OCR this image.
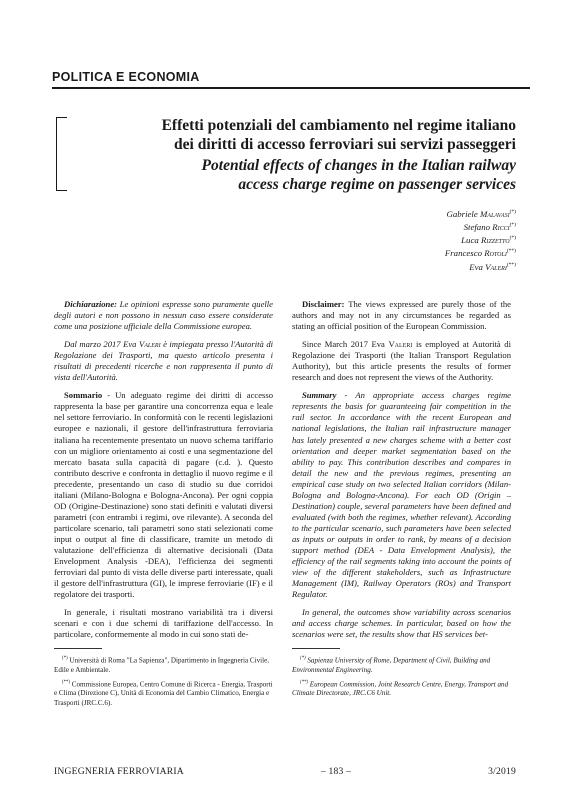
POLITICA E ECONOMIA
Effetti potenziali del cambiamento nel regime italiano
dei diritti di accesso ferroviari sui servizi passeggeri
Potential effects of changes in the Italian railway
access charge regime on passenger services
Gabriele Malavasi(*)
Stefano Ricci(*)
Luca Rizzetto(*)
Francesco Rotoli(**)
Eva Valeri(**)

Dichiarazione: Le opinioni espresse sono puramente quelle degli autori e non possono in nessun caso essere considerate come una posizione ufficiale della Commissione europea.

Dal marzo 2017 Eva Valeri è impiegata presso l'Autorità di Regolazione dei Trasporti, ma questo articolo presenta i risultati di precedenti ricerche e non rappresenta il punto di vista dell'Autorità.

Sommario - Un adeguato regime dei diritti di accesso rappresenta la base per garantire una concorrenza equa e leale nel settore ferroviario. In conformità con le recenti legislazioni europee e nazionali, il gestore dell'infrastruttura ferroviaria italiana ha recentemente presentato un nuovo schema tariffario con un migliore orientamento ai costi e una segmentazione del mercato basata sulla capacità di pagare (c.d. ). Questo contributo descrive e confronta in dettaglio il nuovo regime e il precedente, presentando un caso di studio su due corridoi italiani (Milano-Bologna e Bologna-Ancona). Per ogni coppia OD (Origine-Destinazione) sono stati definiti e valutati diversi parametri (con entrambi i regimi, ove rilevante). A seconda del particolare scenario, tali parametri sono stati selezionati come input o output al fine di classificare, tramite un metodo di valutazione dell'efficienza di alternative decisionali (Data Envelopment Analysis -DEA), l'efficienza dei segmenti ferroviari dal punto di vista delle diverse parti interessate, quali il gestore dell'infrastruttura (GI), le imprese ferroviarie (IF) e il regolatore dei trasporti.

In generale, i risultati mostrano variabilità tra i diversi scenari e con i due schemi di tariffazione dell'accesso. In particolare, conformemente al modo in cui sono stati de-

Disclaimer: The views expressed are purely those of the authors and may not in any circumstances be regarded as stating an official position of the European Commission.

Since March 2017 Eva Valeri is employed at Autorità di Regolazione dei Trasporti (the Italian Transport Regulation Authority), but this article presents the results of former research and does not represent the views of the Authority.

Summary - An appropriate access charges regime represents the basis for guaranteeing fair competition in the rail sector. In accordance with the recent European and national legislations, the Italian rail infrastructure manager has lately presented a new charges scheme with a better cost orientation and deeper market segmentation based on the ability to pay. This contribution describes and compares in detail the new and the previous regimes, presenting an empirical case study on two selected Italian corridors (Milan-Bologna and Bologna-Ancona). For each OD (Origin – Destination) couple, several parameters have been defined and evaluated (with both the regimes, whether relevant). According to the particular scenario, such parameters have been selected as inputs or outputs in order to rank, by means of a decision support method (DEA - Data Envelopment Analysis), the efficiency of the rail segments taking into account the points of view of the different stakeholders, such as Infrastructure Management (IM), Railway Operators (ROs) and Transport Regulator.

In general, the outcomes show variability across scenarios and access charge schemes. In particular, based on how the scenarios were set, the results show that HS services bet-

(*) Università di Roma "La Sapienza", Dipartimento in Ingegneria Civile, Edile e Ambientale.

(**) Commissione Europea, Centro Comune di Ricerca - Energia, Trasporti e Clima (Direzione C), Unità di Economia del Cambio Climatico, Energia e Trasporti (JRC.C.6).

(*) Sapienza University of Rome, Department of Civil, Building and Environmental Engineering.

(**) European Commission, Joint Research Centre, Energy, Transport and Climate Directorate, JRC.C6 Unit.

INGEGNERIA FERROVIARIA	– 183 –	3/2019
